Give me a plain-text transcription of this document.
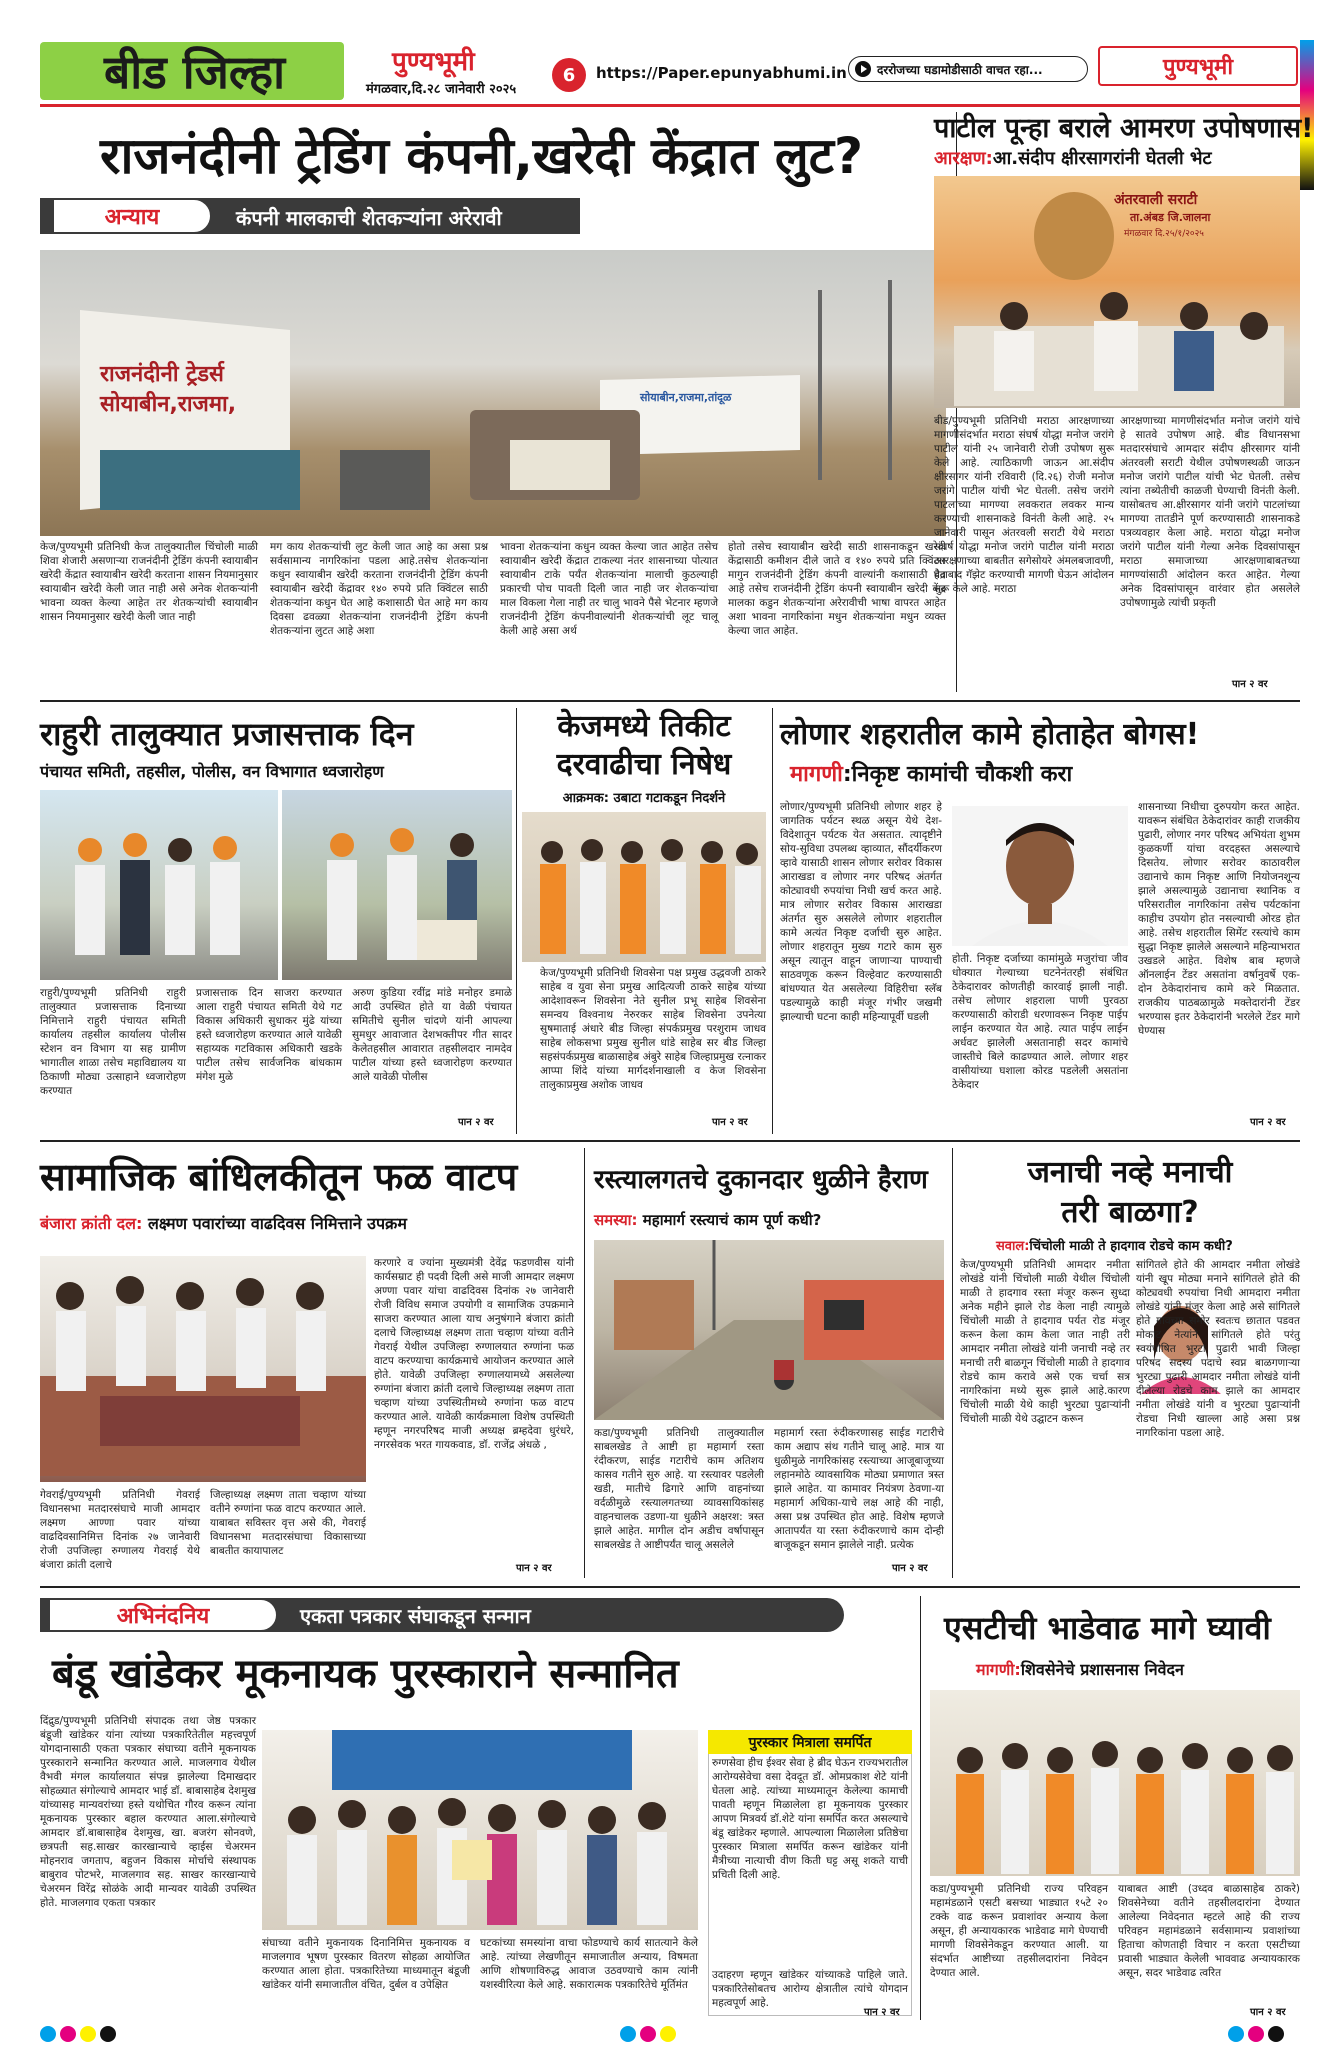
बीड जिल्हा	पुण्यभूमी
मंगळवार,दि.२८ जानेवारी २०२५
6 https://Paper.epunyabhumi.in	दररोजच्या घडामोडीसाठी वाचत रहा...	पुण्यभूमी
राजनंदीनी ट्रेडिंग कंपनी,खरेदी केंद्रात लुट?
अन्याय	कंपनी मालकाची शेतकऱ्यांना अरेरावी
राजनंदीनी ट्रेडर्स सोयाबीन,राजमा,	सोयाबीन,राजमा,तांदूळ
केज/पुण्यभूमी प्रतिनिधी केज तालुक्यातील चिंचोली माळी शिवा शेजारी असणाऱ्या राजनंदीनी ट्रेडिंग कंपनी स्वायाबीन खरेदी केंद्रात स्वायाबीन खरेदी करताना शासन नियमानुसार स्वायाबीन खरेदी केली जात नाही असे अनेक शेतकऱ्यांनी भावना व्यक्त केल्या आहेत तर शेतकऱ्यांची स्वायाबीन शासन नियमानुसार खरेदी केली जात नाही
मग काय शेतकऱ्यांची लुट केली जात आहे का असा प्रश्न सर्वसामान्य नागरिकांना पडला आहे.तसेच शेतकऱ्यांना कधुन स्वायाबीन खरेदी करताना राजनंदीनी ट्रेडिंग कंपनी स्वायाबीन खरेदी केंद्रावर १४० रुपये प्रति क्विंटल साठी शेतकऱ्यांना कधुन घेत आहे कशासाठी घेत आहे मग काय दिवसा ढवळ्या शेतकऱ्यांना राजनंदीनी ट्रेडिंग कंपनी शेतकऱ्यांना लुटत आहे अशा
भावना शेतकऱ्यांना कधुन व्यक्त केल्या जात आहेत तसेच स्वायाबीन खरेदी केंद्रात टाकल्या नंतर शासनाच्या पोत्यात स्वायाबीन टाके पर्यंत शेतकऱ्यांना मालाची कुठल्याही प्रकारची पोच पावती दिली जात नाही जर शेतकऱ्यांचा माल विकला गेला नाही तर चालु भावने पैसे भेटनार म्हणजे राजनंदीनी ट्रेडिंग कंपनीवाल्यांनी शेतकऱ्यांची लूट चालू केली आहे असा अर्थ
होतो तसेच स्वायाबीन खरेदी साठी शासनाकडून खरेदी केंद्रासाठी कमीशन दीले जाते व १४० रुपये प्रति क्विंटल मागुन राजनंदीनी ट्रेडिंग कंपनी वाल्यांनी कशासाठी घेत आहे तसेच राजनंदीनी ट्रेडिंग कंपनी स्वायाबीन खरेदी केंद्र मालका कडुन शेतकऱ्यांना अरेरावीची भाषा वापरत आहेत अशा भावना नागरिकांना मधुन शेतकऱ्यांना मधुन व्यक्त केल्या जात आहेत.
पाटील पून्हा बराले आमरण उपोषणास!
आरक्षण:आ.संदीप क्षीरसागरांनी घेतली भेट
अंतरवाली सराटी
ता.अंबड जि.जालना
मंगळवार दि.२५/१/२०२५
बीड/पुण्यभूमी प्रतिनिधी मराठा आरक्षणाच्या मागणीसंदर्भात मराठा संघर्ष योद्धा मनोज जरांगे पाटील यांनी २५ जानेवारी रोजी उपोषण सुरू केले आहे. त्याठिकाणी जाऊन आ.संदीप क्षीरसागर यांनी रविवारी (दि.२६) रोजी मनोज जरांगे पाटील यांची भेट घेतली. तसेच जरांगे पाटलांच्या मागण्या लवकरात लवकर मान्य करण्याची शासनाकडे विनंती केली आहे. २५ जानेवारी पासून अंतरवली सराटी येथे मराठा संघर्ष योद्धा मनोज जरांगे पाटील यांनी मराठा आरक्षणाच्या बाबतीत सगेसोयरे अंमलबजावणी, हैद्राबाद गॅझेट करण्याची मागणी घेऊन आंदोलन सुरू केले आहे. मराठा
आरक्षणाच्या मागणीसंदर्भात मनोज जरांगे यांचे हे सातवे उपोषण आहे. बीड विधानसभा मतदारसंघाचे आमदार संदीप क्षीरसागर यांनी अंतरवली सराटी येथील उपोषणस्थळी जाऊन मनोज जरांगे पाटील यांची भेट घेतली. तसेच त्यांना तब्येतीची काळजी घेण्याची विनंती केली. यासोबतच आ.क्षीरसागर यांनी जरांगे पाटलांच्या मागण्या तातडीने पूर्ण करण्यासाठी शासनाकडे पत्रव्यवहार केला आहे. मराठा योद्धा मनोज जरांगे पाटील यांनी गेल्या अनेक दिवसांपासून मराठा समाजाच्या आरक्षणाबाबतच्या मागण्यांसाठी आंदोलन करत आहेत. गेल्या अनेक दिवसांपासून वारंवार होत असलेले उपोषणामुळे त्यांची प्रकृती
पान २ वर
राहुरी तालुक्यात प्रजासत्ताक दिन
पंचायत समिती, तहसील, पोलीस, वन विभागात ध्वजारोहण
राहुरी/पुण्यभूमी प्रतिनिधी राहुरी तालुक्यात प्रजासत्ताक दिनाच्या निमित्ताने राहुरी पंचायत समिती कार्यालय तहसील कार्यालय पोलीस स्टेशन वन विभाग या सह ग्रामीण भागातील शाळा तसेच महाविद्यालय या ठिकाणी मोठ्या उत्साहाने ध्वजारोहण करण्यात
प्रजासत्ताक दिन साजरा करण्यात आला राहुरी पंचायत समिती येथे गट विकास अधिकारी सुधाकर मुंढे यांच्या हस्ते ध्वजारोहण करण्यात आले यावेळी सहाय्यक गटविकास अधिकारी खडके पाटील तसेच सार्वजनिक बांधकाम मंगेश मुळे
अरुण कुडिया रवींद्र मांडे मनोहर डमाळे आदी उपस्थित होते या वेळी पंचायत समितीचे सुनील चांदणे यांनी आपल्या सुमधुर आवाजात देशभक्तीपर गीत सादर केलेतहसील आवारात तहसीलदार नामदेव पाटील यांच्या हस्ते ध्वजारोहण करण्यात आले यावेळी पोलीस
पान २ वर
केजमध्ये तिकीट दरवाढीचा निषेध
आक्रमक: उबाटा गटाकडून निदर्शने
केज/पुण्यभूमी प्रतिनिधी शिवसेना पक्ष प्रमुख उद्धवजी ठाकरे साहेब व युवा सेना प्रमुख आदित्यजी ठाकरे साहेब यांच्या आदेशावरून शिवसेना नेते सुनील प्रभू साहेब शिवसेना समन्वय विश्वनाथ नेरुरकर साहेब शिवसेना उपनेत्या सुषमाताई अंधारे बीड जिल्हा संपर्कप्रमुख परशुराम जाधव साहेब लोकसभा प्रमुख सुनील धांडे साहेब सर बीड जिल्हा सहसंपर्कप्रमुख बाळासाहेब अंबुरे साहेब जिल्हाप्रमुख रत्नाकर आप्पा शिंदे यांच्या मार्गदर्शनाखाली व केज शिवसेना तालुकाप्रमुख अशोक जाधव
पान २ वर
लोणार शहरातील कामे होताहेत बोगस!
मागणी:निकृष्ट कामांची चौकशी करा
लोणार/पुण्यभूमी प्रतिनिधी लोणार शहर हे जागतिक पर्यटन स्थळ असून येथे देश-विदेशातून पर्यटक येत असतात. त्यादृष्टीने सोय-सुविधा उपलब्ध व्हाव्यात, सौंदर्यीकरण व्हावे यासाठी शासन लोणार सरोवर विकास आराखडा व लोणार नगर परिषद अंतर्गत कोट्यावधी रुपयांचा निधी खर्च करत आहे. मात्र लोणार सरोवर विकास आराखडा अंतर्गत सुरु असलेले लोणार शहरातील कामे अत्यंत निकृष्ट दर्जाची सुरु आहेत. लोणार शहरातून मुख्य गटारे काम सुरु असून त्यातून वाहून जाणाऱ्या पाण्याची साठवणूक करून विल्हेवाट करण्यासाठी बांधण्यात येत असलेल्या विहिरीचा स्लॅब पडल्यामुळे काही मंजूर गंभीर जखमी झाल्याची घटना काही महिन्यापूर्वी घडली
होती. निकृष्ट दर्जाच्या कामांमुळे मजुरांचा जीव धोक्यात गेल्याच्या घटनेनंतरही संबंधित ठेकेदारावर कोणतीही कारवाई झाली नाही. तसेच लोणार शहराला पाणी पुरवठा करण्यासाठी कोराडी धरणावरून निकृष्ट पाईप लाईन करण्यात येत आहे. त्यात पाईप लाईन अर्धवट झालेली असतानाही सदर कामांचे जास्तीचे बिले काढण्यात आले. लोणार शहर वासीयांच्या घशाला कोरड पडलेली असतांना ठेकेदार
शासनाच्या निधीचा दुरुपयोग करत आहेत. यावरून संबंधित ठेकेदारांवर काही राजकीय पुढारी, लोणार नगर परिषद अभियंता शुभम कुळकर्णी यांचा वरदहस्त असल्याचे दिसतेय. लोणार सरोवर काठावरील उद्यानाचे काम निकृष्ट आणि नियोजनशून्य झाले असल्यामुळे उद्यानाचा स्थानिक व परिसरातील नागरिकांना तसेच पर्यटकांना काहीच उपयोग होत नसल्याची ओरड होत आहे. तसेच शहरातील सिमेंट रस्त्यांचे काम सुद्धा निकृष्ट झालेले असल्याने महिन्याभरात उखडले आहेत. विशेष बाब म्हणजे ऑनलाईन टेंडर असतांना वर्षानुवर्षे एक-दोन ठेकेदारांनाच कामे करे मिळतात. राजकीय पाठबळामुळे मक्तेदारांनी टेंडर भरण्यास इतर ठेकेदारांनी भरलेले टेंडर मागे घेण्यास
पान २ वर
सामाजिक बांधिलकीतून फळ वाटप
बंजारा क्रांती दल: लक्ष्मण पवारांच्या वाढदिवस निमित्ताने उपक्रम
करणारे व ज्यांना मुख्यमंत्री देवेंद्र फडणवीस यांनी कार्यसम्राट ही पदवी दिली असे माजी आमदार लक्ष्मण अण्णा पवार यांचा वाढदिवस दिनांक २७ जानेवारी रोजी विविध समाज उपयोगी व सामाजिक उपक्रमाने साजरा करण्यात आला याच अनुषंगाने बंजारा क्रांती दलाचे जिल्हाध्यक्ष लक्ष्मण ताता चव्हाण यांच्या वतीने गेवराई येथील उपजिल्हा रुग्णालयात रुग्णांना फळ वाटप करण्याचा कार्यक्रमाचे आयोजन करण्यात आले होते. यावेळी उपजिल्हा रुग्णालयामध्ये असलेल्या रुग्णांना बंजारा क्रांती दलाचे जिल्हाध्यक्ष लक्ष्मण ताता चव्हाण यांच्या उपस्थितीमध्ये रुग्णांना फळ वाटप करण्यात आले. यावेळी कार्यक्रमाला विशेष उपस्थिती म्हणून नगरपरिषद माजी अध्यक्ष ब्रम्हदेवा धुरंधरे, नगरसेवक भरत गायकवाड, डॉ. राजेंद्र अंधळे ,
गेवराई/पुण्यभूमी प्रतिनिधी गेवराई विधानसभा मतदारसंघाचे माजी आमदार लक्ष्मण आण्णा पवार यांच्या वाढदिवसानिमित्त दिनांक २७ जानेवारी रोजी उपजिल्हा रुग्णालय गेवराई येथे बंजारा क्रांती दलाचे
जिल्हाध्यक्ष लक्ष्मण ताता चव्हाण यांच्या वतीने रुग्णांना फळ वाटप करण्यात आले. याबाबत सविस्तर वृत्त असे की, गेवराई विधानसभा मतदारसंघाचा विकासाच्या बाबतीत कायापालट
पान २ वर
रस्त्यालगतचे दुकानदार धुळीने हैराण
समस्या: महामार्ग रस्त्याचं काम पूर्ण कधी?
कडा/पुण्यभूमी प्रतिनिधी तालुक्यातील साबलखेड ते आष्टी हा महामार्ग रस्ता रंदीकरण, साईड गटारीचे काम अतिशय कासव गतीने सुरु आहे. या रस्त्यावर पडलेली खडी, मातीचे ढिगारे आणि वाहनांच्या वर्दळीमुळे रस्त्यालगतच्या व्यावसायिकांसह वाहनचालक उडणा-या धुळीने अक्षरश: त्रस्त झाले आहेत. मागील दोन अडीच वर्षापासून साबलखेड ते आष्टीपर्यंत चालू असलेले
महामार्ग रस्ता रुंदीकरणासह साईड गटारीचे काम अद्याप संथ गतीने चालू आहे. मात्र या धुळीमुळे नागरिकांसह रस्त्याच्या आजूबाजूच्या लहानमोठे व्यावसायिक मोठ्या प्रमाणात त्रस्त झाले आहेत. या कामावर नियंत्रण ठेवणा-या महामार्ग अधिका-याचे लक्ष आहे की नाही, असा प्रश्न उपस्थित होत आहे. विशेष म्हणजे आतापर्यंत या रस्ता रुंदीकरणाचे काम दोन्ही बाजूकडून समान झालेले नाही. प्रत्येक
पान २ वर
जनाची नव्हे मनाची
तरी बाळगा?
सवाल:चिंचोली माळी ते हादगाव रोडचे काम कधी?
केज/पुण्यभूमी प्रतिनिधी आमदार नमीता लोखंडे यांनी चिंचोली माळी येथील चिंचोली माळी ते हादगाव रस्ता मंजूर करून सुध्दा अनेक महीने झाले रोड केला नाही त्यामुळे चिंचोली माळी ते हादगाव पर्यत रोड मंजूर करून केला काम केला जात नाही तरी आमदार नमीता लोखंडे यांनी जनाची नव्हे तर मनाची तरी बाळगून चिंचोली माळी ते हादगाव रोडचे काम करावे असे एक चर्चा सत्र नागरिकांना मध्ये सुरू झाले आहे.कारण चिंचोली माळी येथे काही भुरट्या पुढाऱ्यांनी चिंचोली माळी येथे उद्घाटन करून
सांगितले होते की आमदार नमीता लोखंडे यांनी खूप मोठ्या मनाने सांगितले होते की कोट्यवधी रुपयांचा निधी आमदारा नमीता लोखंडे यांनी मंजूर केला आहे असे सांगितले होते गावच्या समोर स्वतःच छातात पडवत मोकाट नेत्यांने सांगितले होते परंतु स्वयंघोषित भुरटा पुढारी भावी जिल्हा परिषद सदस्य पदाचे स्वप्न बाळगणाऱ्या भुरट्या पुढारी आमदार नमीता लोखंडे यांनी दीलेल्या रोडचे काम झाले का आमदार नमीता लोखंडे यांनी व भुरट्या पुढाऱ्यांनी रोडचा निधी खाल्ला आहे असा प्रश्न नागरिकांना पडला आहे.
अभिनंदनिय	एकता पत्रकार संघाकडून सन्मान
बंडू खांडेकर मूकनायक पुरस्काराने सन्मानित
दिंद्रुड/पुण्यभूमी प्रतिनिधी संपादक तथा जेष्ठ पत्रकार बंडूजी खांडेकर यांना त्यांच्या पत्रकारितेतील महत्त्वपूर्ण योगदानासाठी एकता पत्रकार संघाच्या वतीने मूकनायक पुरस्काराने सन्मानित करण्यात आले. माजलगाव येथील वैभवी मंगल कार्यालयात संपन्न झालेल्या दिमाखदार सोहळ्यात संगोल्याचे आमदार भाई डॉ. बाबासाहेब देशमुख यांच्यासह मान्यवरांच्या हस्ते यथोचित गौरव करून त्यांना मूकनायक पुरस्कार बहाल करण्यात आला.संगोल्याचे आमदार डॉ.बाबासाहेब देशमुख, खा. बजरंग सोनवणे, छत्रपती सह.साखर कारखान्याचे व्हाईस चेअरमन मोहनराव जगताप, बहुजन विकास मोर्चाचे संस्थापक बाबुराव पोटभरे, माजलगाव सह. साखर कारखान्याचे चेअरमन विरेंद्र सोळंके आदी मान्यवर यावेळी उपस्थित होते. माजलगाव एकता पत्रकार
संघाच्या वतीने मुकनायक दिनानिमित्त मुकनायक व माजलगाव भूषण पुरस्कार वितरण सोहळा आयोजित करण्यात आला होता. पत्रकारितेच्या माध्यमातून बंडूजी खांडेकर यांनी समाजातील वंचित, दुर्बल व उपेक्षित
घटकांच्या समस्यांना वाचा फोडण्याचे कार्य सातत्याने केले आहे. त्यांच्या लेखणीतून समाजातील अन्याय, विषमता आणि शोषणाविरुद्ध आवाज उठवण्याचे काम त्यांनी यशस्वीरित्या केले आहे. सकारात्मक पत्रकारितेचे मूर्तिमंत
पुरस्कार मित्राला समर्पित
रुग्णसेवा हीच ईश्वर सेवा हे ब्रीद घेऊन राज्यभरातील आरोग्यसेवेचा वसा देवदूत डॉ. ओमप्रकाश शेटे यांनी घेतला आहे. त्यांच्या माध्यमातून केलेल्या कामाची पावती म्हणून मिळालेला हा मूकनायक पुरस्कार आपण मित्रवर्य डॉ.शेटे यांना समर्पित करत असल्याचे बंडू खांडेकर म्हणाले. आपल्याला मिळालेला प्रतिष्ठेचा पुरस्कार मित्राला समर्पित करून खांडेकर यांनी मैत्रीच्या नात्याची वीण किती घट्ट असू शकते याची प्रचिती दिली आहे.
उदाहरण म्हणून खांडेकर यांच्याकडे पाहिले जाते. पत्रकारितेसोबतच आरोग्य क्षेत्रातील त्यांचे योगदान महत्वपूर्ण आहे.
पान २ वर
एसटीची भाडेवाढ मागे घ्यावी
मागणी:शिवसेनेचे प्रशासनास निवेदन
कडा/पुण्यभूमी प्रतिनिधी राज्य परिवहन महामंडळाने एसटी बसच्या भाड्यात १५टे २० टक्के वाढ करून प्रवाशांवर अन्याय केला असून, ही अन्यायकारक भाडेवाढ मागे घेण्याची मागणी शिवसेनेकडून करण्यात आली. या संदर्भात आष्टीच्या तहसीलदारांना निवेदन देण्यात आले.
याबाबत आष्टी (उध्दव बाळासाहेब ठाकरे) शिवसेनेच्या वतीने तहसीलदारांना देण्यात आलेल्या निवेदनात म्हटले आहे की राज्य परिवहन महामंडळाने सर्वसामान्य प्रवाशांच्या हिताचा कोणताही विचार न करता एसटीच्या प्रवासी भाड्यात केलेली भाववाढ अन्यायकारक असून, सदर भाडेवाढ त्वरित
पान २ वर
